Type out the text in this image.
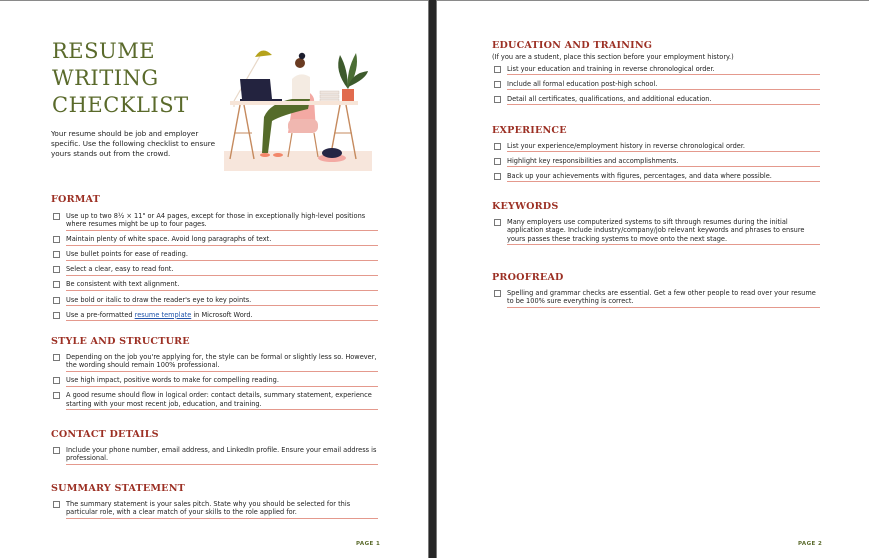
RESUME
WRITING
CHECKLIST
Your resume should be job and employer specific. Use the following checklist to ensure yours stands out from the crowd.
FORMAT
Use up to two 8½ × 11" or A4 pages, except for those in exceptionally high-level positions where resumes might be up to four pages.
Maintain plenty of white space. Avoid long paragraphs of text.
Use bullet points for ease of reading.
Select a clear, easy to read font.
Be consistent with text alignment.
Use bold or italic to draw the reader's eye to key points.
Use a pre-formatted resume template in Microsoft Word.
STYLE AND STRUCTURE
Depending on the job you're applying for, the style can be formal or slightly less so. However, the wording should remain 100% professional.
Use high impact, positive words to make for compelling reading.
A good resume should flow in logical order: contact details, summary statement, experience starting with your most recent job, education, and training.
CONTACT DETAILS
Include your phone number, email address, and LinkedIn profile. Ensure your email address is professional.
SUMMARY STATEMENT
The summary statement is your sales pitch. State why you should be selected for this particular role, with a clear match of your skills to the role applied for.
PAGE 1
EDUCATION AND TRAINING
(If you are a student, place this section before your employment history.)
List your education and training in reverse chronological order.
Include all formal education post-high school.
Detail all certificates, qualifications, and additional education.
EXPERIENCE
List your experience/employment history in reverse chronological order.
Highlight key responsibilities and accomplishments.
Back up your achievements with figures, percentages, and data where possible.
KEYWORDS
Many employers use computerized systems to sift through resumes during the initial application stage. Include industry/company/job relevant keywords and phrases to ensure yours passes these tracking systems to move onto the next stage.
PROOFREAD
Spelling and grammar checks are essential. Get a few other people to read over your resume to be 100% sure everything is correct.
PAGE 2
